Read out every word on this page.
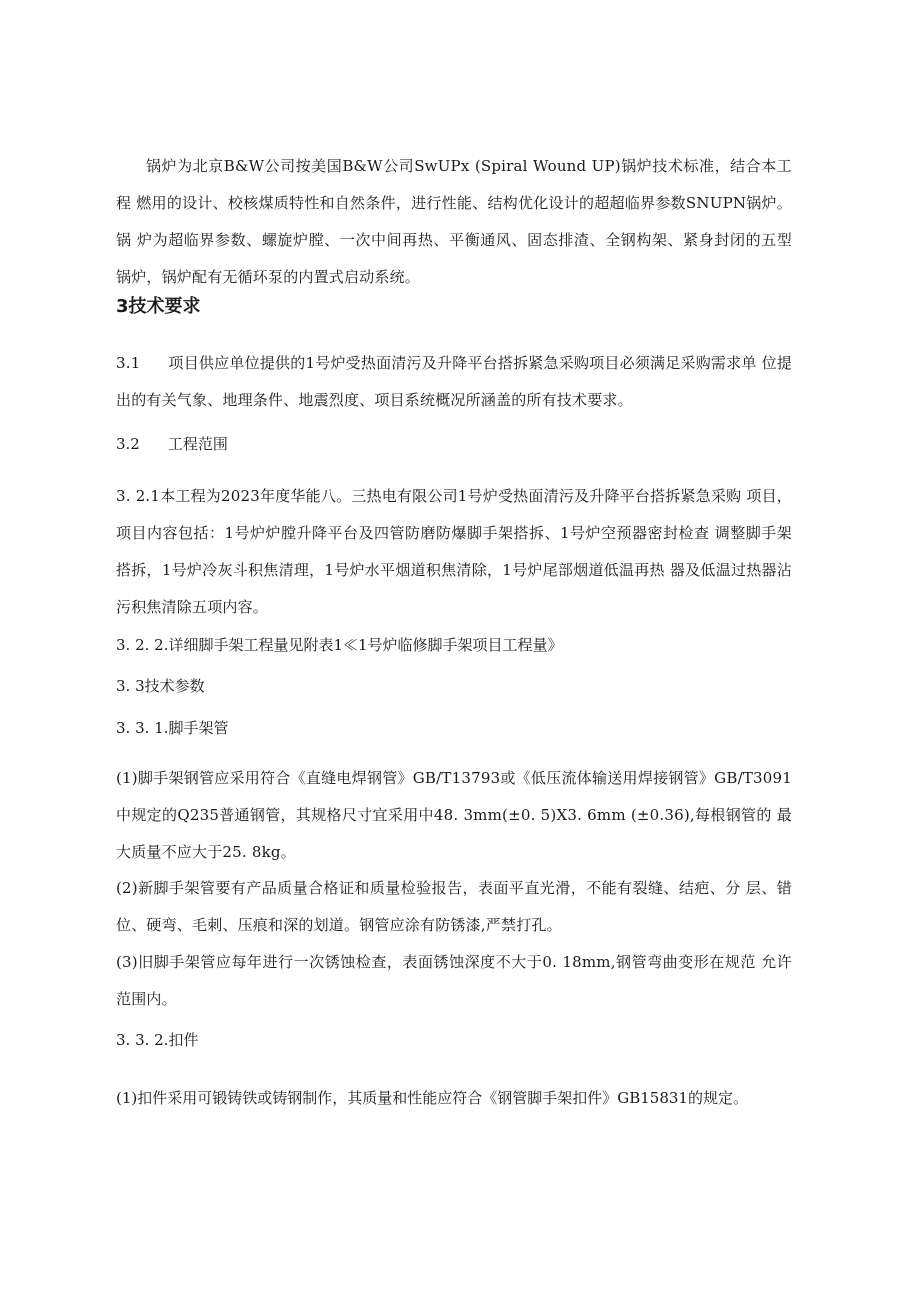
锅炉为北京B&W公司按美国B&W公司SwUPx (Spiral Wound UP)锅炉技术标准，结合本工程 燃用的设计、校核煤质特性和自然条件，进行性能、结构优化设计的超超临界参数SNUPN锅炉。锅 炉为超临界参数、螺旋炉膛、一次中间再热、平衡通风、固态排渣、全钢构架、紧身封闭的五型 锅炉，锅炉配有无循环泵的内置式启动系统。

3技术要求

3.1 项目供应单位提供的1号炉受热面清污及升降平台搭拆紧急采购项目必须满足采购需求单 位提出的有关气象、地理条件、地震烈度、项目系统概况所涵盖的所有技术要求。

3.2 工程范围

3. 2.1本工程为2023年度华能八。三热电有限公司1号炉受热面清污及升降平台搭拆紧急采购 项目，项目内容包括：1号炉炉膛升降平台及四管防磨防爆脚手架搭拆、1号炉空预器密封检查 调整脚手架搭拆，1号炉冷灰斗积焦清理，1号炉水平烟道积焦清除，1号炉尾部烟道低温再热 器及低温过热器沾污积焦清除五项内容。

3. 2. 2.详细脚手架工程量见附表1≪1号炉临修脚手架项目工程量》

3. 3技术参数

3. 3. 1.脚手架管

(1)脚手架钢管应采用符合《直缝电焊钢管》GB/T13793或《低压流体输送用焊接钢管》GB/T3091 中规定的Q235普通钢管，其规格尺寸宜采用中48. 3mm(±0. 5)X3. 6mm (±0.36),每根钢管的 最大质量不应大于25. 8kg。

(2)新脚手架管要有产品质量合格证和质量检验报告，表面平直光滑，不能有裂缝、结疤、分 层、错位、硬弯、毛刺、压痕和深的划道。钢管应涂有防锈漆,严禁打孔。

(3)旧脚手架管应每年进行一次锈蚀检查，表面锈蚀深度不大于0. 18mm,钢管弯曲变形在规范 允许范围内。

3. 3. 2.扣件

(1)扣件采用可锻铸铁或铸钢制作，其质量和性能应符合《钢管脚手架扣件》GB15831的规定。
